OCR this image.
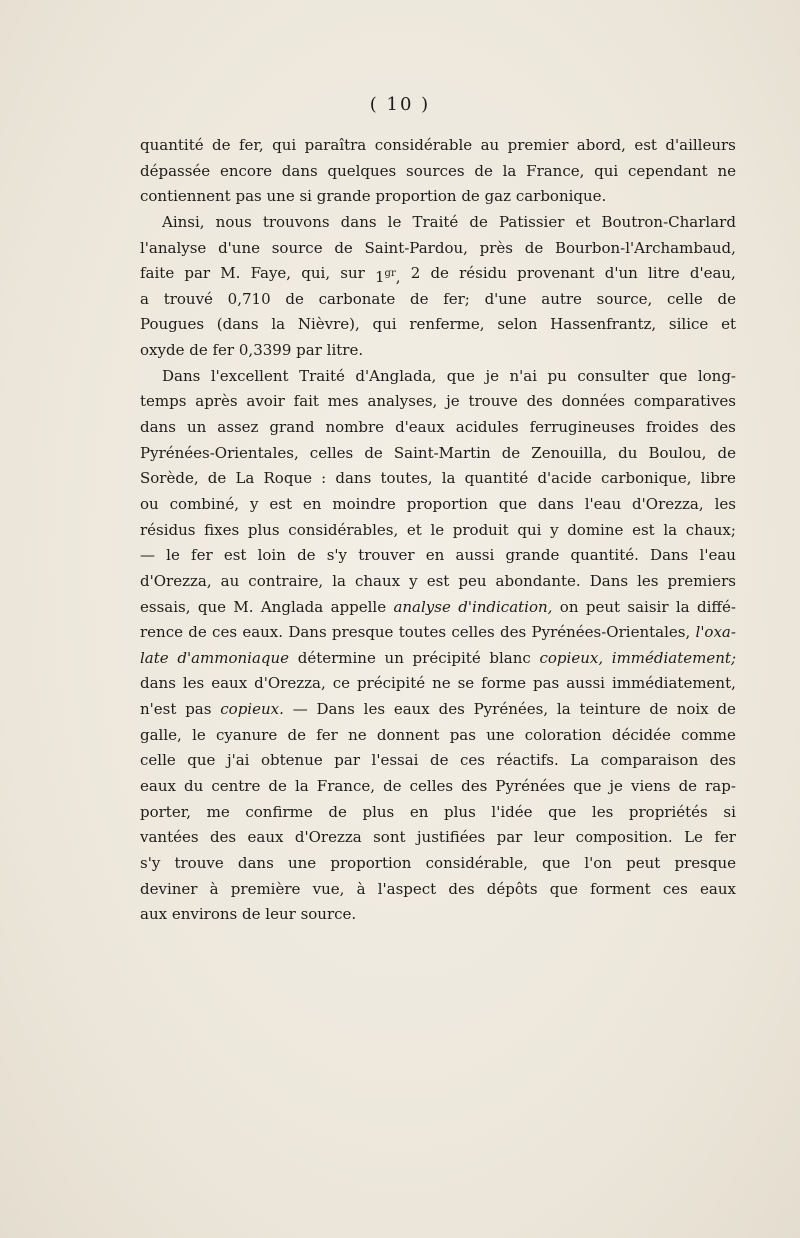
( 10 )
quantité de fer, qui paraîtra considérable au premier abord, est d'ailleurs
dépassée encore dans quelques sources de la France, qui cependant ne
contiennent
pas
une
si
grande
proportion
de
gaz
carbonique.
Ainsi, nous trouvons dans le Traité de Patissier et Boutron-Charlard
l'analyse d'une source de Saint-Pardou, près de Bourbon-l'Archambaud,
faite par M. Faye, qui, sur $1^{gr}$, 2 de résidu provenant d'un litre d'eau,
a trouvé 0,710 de carbonate de fer; d'une autre source, celle de
Pougues (dans la Nièvre), qui renferme, selon Hassenfrantz, silice et
oxyde
de
fer
0,3399
par
litre.
Dans l'excellent Traité d'Anglada, que je n'ai pu consulter que long-
temps après avoir fait mes analyses, je trouve des données comparatives
dans un assez grand nombre d'eaux acidules ferrugineuses froides des
Pyrénées-Orientales, celles de Saint-Martin de Zenouilla, du Boulou, de
Sorède, de La Roque : dans toutes, la quantité d'acide carbonique, libre
ou combiné, y est en moindre proportion que dans l'eau d'Orezza, les
résidus fixes plus considérables, et le produit qui y domine est la chaux;
— le fer est loin de s'y trouver en aussi grande quantité. Dans l'eau
d'Orezza, au contraire, la chaux y est peu abondante. Dans les premiers
essais, que M. Anglada appelle analyse d'indication, on peut saisir la diffé-
rence de ces eaux. Dans presque toutes celles des Pyrénées-Orientales, l'oxa-
late d'ammoniaque détermine un précipité blanc copieux, immédiatement;
dans les eaux d'Orezza, ce précipité ne se forme pas aussi immédiatement,
n'est pas copieux. — Dans les eaux des Pyrénées, la teinture de noix de
galle, le cyanure de fer ne donnent pas une coloration décidée comme
celle que j'ai obtenue par l'essai de ces réactifs. La comparaison des
eaux du centre de la France, de celles des Pyrénées que je viens de rap-
porter, me confirme de plus en plus l'idée que les propriétés si
vantées des eaux d'Orezza sont justifiées par leur composition. Le fer
s'y trouve dans une proportion considérable, que l'on peut presque
deviner à première vue, à l'aspect des dépôts que forment ces eaux
aux
environs
de
leur
source.
